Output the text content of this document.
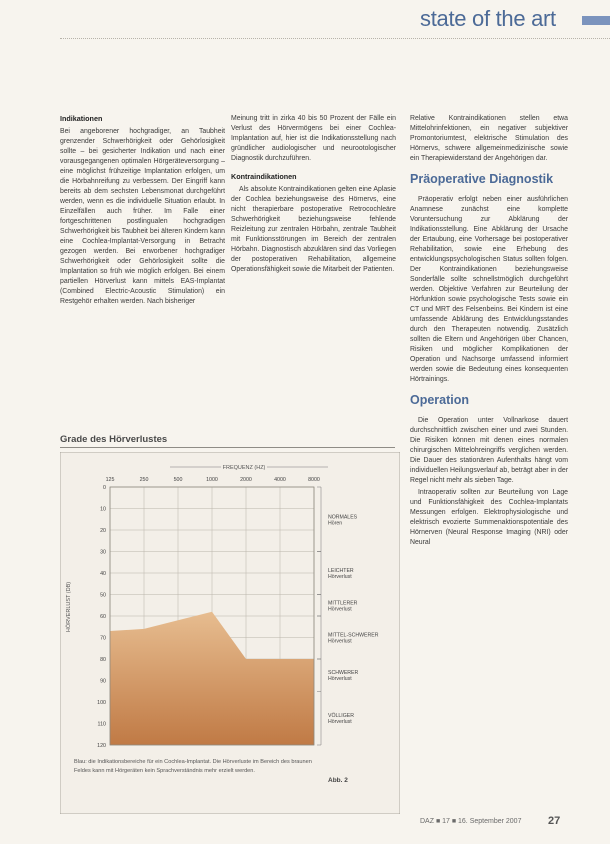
state of the art
Indikationen

Bei angeborener hochgradiger, an Taubheit grenzender Schwerhörigkeit oder Gehörlosigkeit sollte – bei gesicherter Indikation und nach einer vorausgegangenen optimalen Hörgeräteversorgung – eine möglichst frühzeitige Implantation erfolgen, um die Hörbahnreifung zu verbessern. Der Eingriff kann bereits ab dem sechsten Lebensmonat durchgeführt werden, wenn es die individuelle Situation erlaubt. In Einzelfällen auch früher. Im Falle einer fortgeschrittenen postlingualen hochgradigen Schwerhörigkeit bis Taubheit bei älteren Kindern kann eine Cochlea-Implantat-Versorgung in Betracht gezogen werden. Bei erworbener hochgradiger Schwerhörigkeit oder Gehörlosigkeit sollte die Implantation so früh wie möglich erfolgen. Bei einem partiellen Hörverlust kann mittels EAS-Implantat (Combined Electric-Acoustic Stimulation) ein Restgehör erhalten werden. Nach bisheriger

Meinung tritt in zirka 40 bis 50 Prozent der Fälle ein Verlust des Hörvermögens bei einer Cochlea-Implantation auf, hier ist die Indikationsstellung nach gründlicher audiologischer und neurootologischer Diagnostik durchzuführen.

Kontraindikationen

Als absolute Kontraindikationen gelten eine Aplasie der Cochlea beziehungsweise des Hörnervs, eine nicht therapierbare postoperative Retrocochleäre Schwerhörigkeit beziehungsweise fehlende Reizleitung zur zentralen Hörbahn, zentrale Taubheit mit Funktionsstörungen im Bereich der zentralen Hörbahn. Diagnostisch abzuklären sind das Vorliegen der postoperativen Rehabilitation, allgemeine Operationsfähigkeit sowie die Mitarbeit der Patienten.

Relative Kontraindikationen stellen etwa Mittelohrinfektionen, ein negativer subjektiver Promontoriumtest, elektrische Stimulation des Hörnervs, schwere allgemeinmedizinische sowie ein Therapiewiderstand der Angehörigen dar.

Präoperative Diagnostik

Präoperativ erfolgt neben einer ausführlichen Anamnese zunächst eine komplette Voruntersuchung zur Abklärung der Indikationsstellung. Eine Abklärung der Ursache der Ertaubung, eine Vorhersage bei postoperativer Rehabilitation, sowie eine Erhebung des entwicklungspsychologischen Status sollten folgen. Der Kontraindikationen beziehungsweise Sonderfälle sollte schnellstmöglich durchgeführt werden. Objektive Verfahren zur Beurteilung der Hörfunktion sowie psychologische Tests sowie ein CT und MRT des Felsenbeins. Bei Kindern ist eine umfassende Abklärung des Entwicklungsstandes durch den Therapeuten notwendig. Zusätzlich sollten die Eltern und Angehörigen über Chancen, Risiken und möglicher Komplikationen der Operation und Nachsorge umfassend informiert werden sowie die Bedeutung eines konsequenten Hörtrainings.

Operation

Die Operation unter Vollnarkose dauert durchschnittlich zwischen einer und zwei Stunden. Die Risiken können mit denen eines normalen chirurgischen Mittelohreingriffs verglichen werden. Die Dauer des stationären Aufenthalts hängt vom individuellen Heilungsverlauf ab, beträgt aber in der Regel nicht mehr als sieben Tage.

Intraoperativ sollten zur Beurteilung von Lage und Funktionsfähigkeit des Cochlea-Implantats Messungen erfolgen. Elektrophysiologische und elektrisch evozierte Summenaktionspotentiale des Hörnerven (Neural Response Imaging (NRI) oder Neural

Grade des Hörverlustes
125	250	500	1000	2000	4000	8000
0
10
20
30
40
50
60
70
80
90
100
110
120
NORMALES Hören
LEICHTER Hörverlust
MITTLERER Hörverlust
MITTEL-SCHWERER Hörverlust
SCHWERER Hörverlust
VÖLLIGER Hörverlust
FREQUENZ (HZ)
HÖRVERLUST (DB)
Blau: die Indikationsbereiche für ein Cochlea-Implantat. Die Hörverluste im Bereich des braunen Feldes kann mit Hörgeräten kein Sprachverständnis mehr erzielt werden.
Abb. 2
DAZ ■ 17 ■ 16. September 2007 27
